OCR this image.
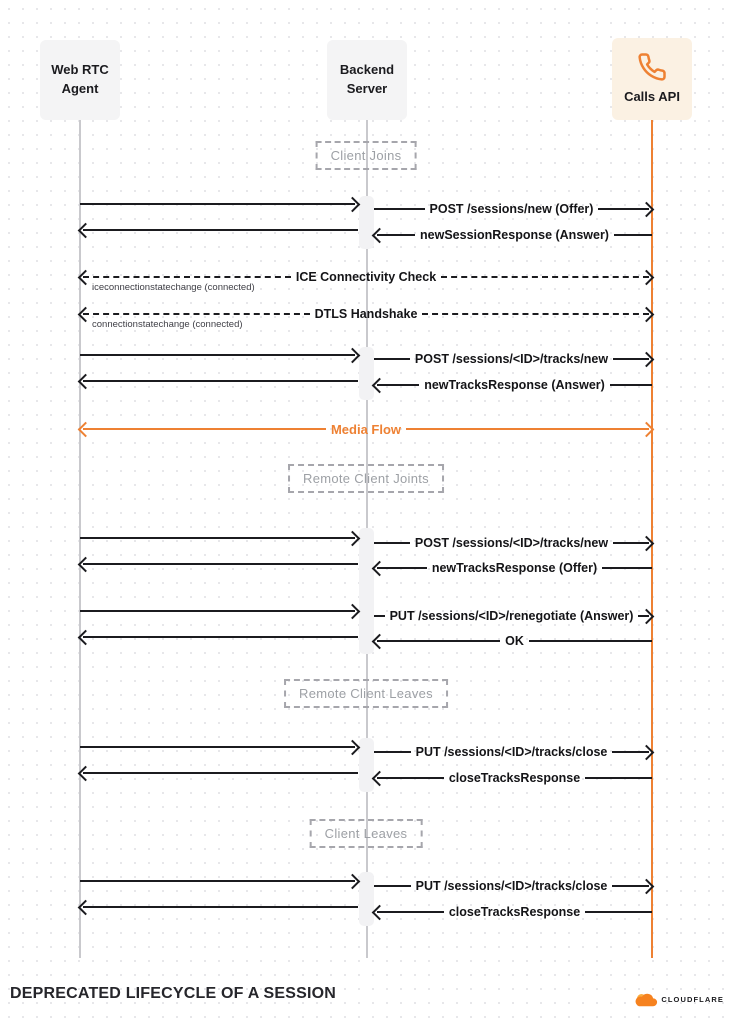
Web RTC
Agent
Backend
Server
Calls API
Client Joins
Remote Client Joints
Remote Client Leaves
Client Leaves
POST /sessions/new (Offer)
newSessionResponse (Answer)
ICE Connectivity Check
iceconnectionstatechange (connected)
DTLS Handshake
connectionstatechange (connected)
POST /sessions/<ID>/tracks/new
newTracksResponse (Answer)
Media Flow
POST /sessions/<ID>/tracks/new
newTracksResponse (Offer)
PUT /sessions/<ID>/renegotiate (Answer)
OK
PUT /sessions/<ID>/tracks/close
closeTracksResponse
PUT /sessions/<ID>/tracks/close
closeTracksResponse
DEPRECATED LIFECYCLE OF A SESSION	CLOUDFLARE
